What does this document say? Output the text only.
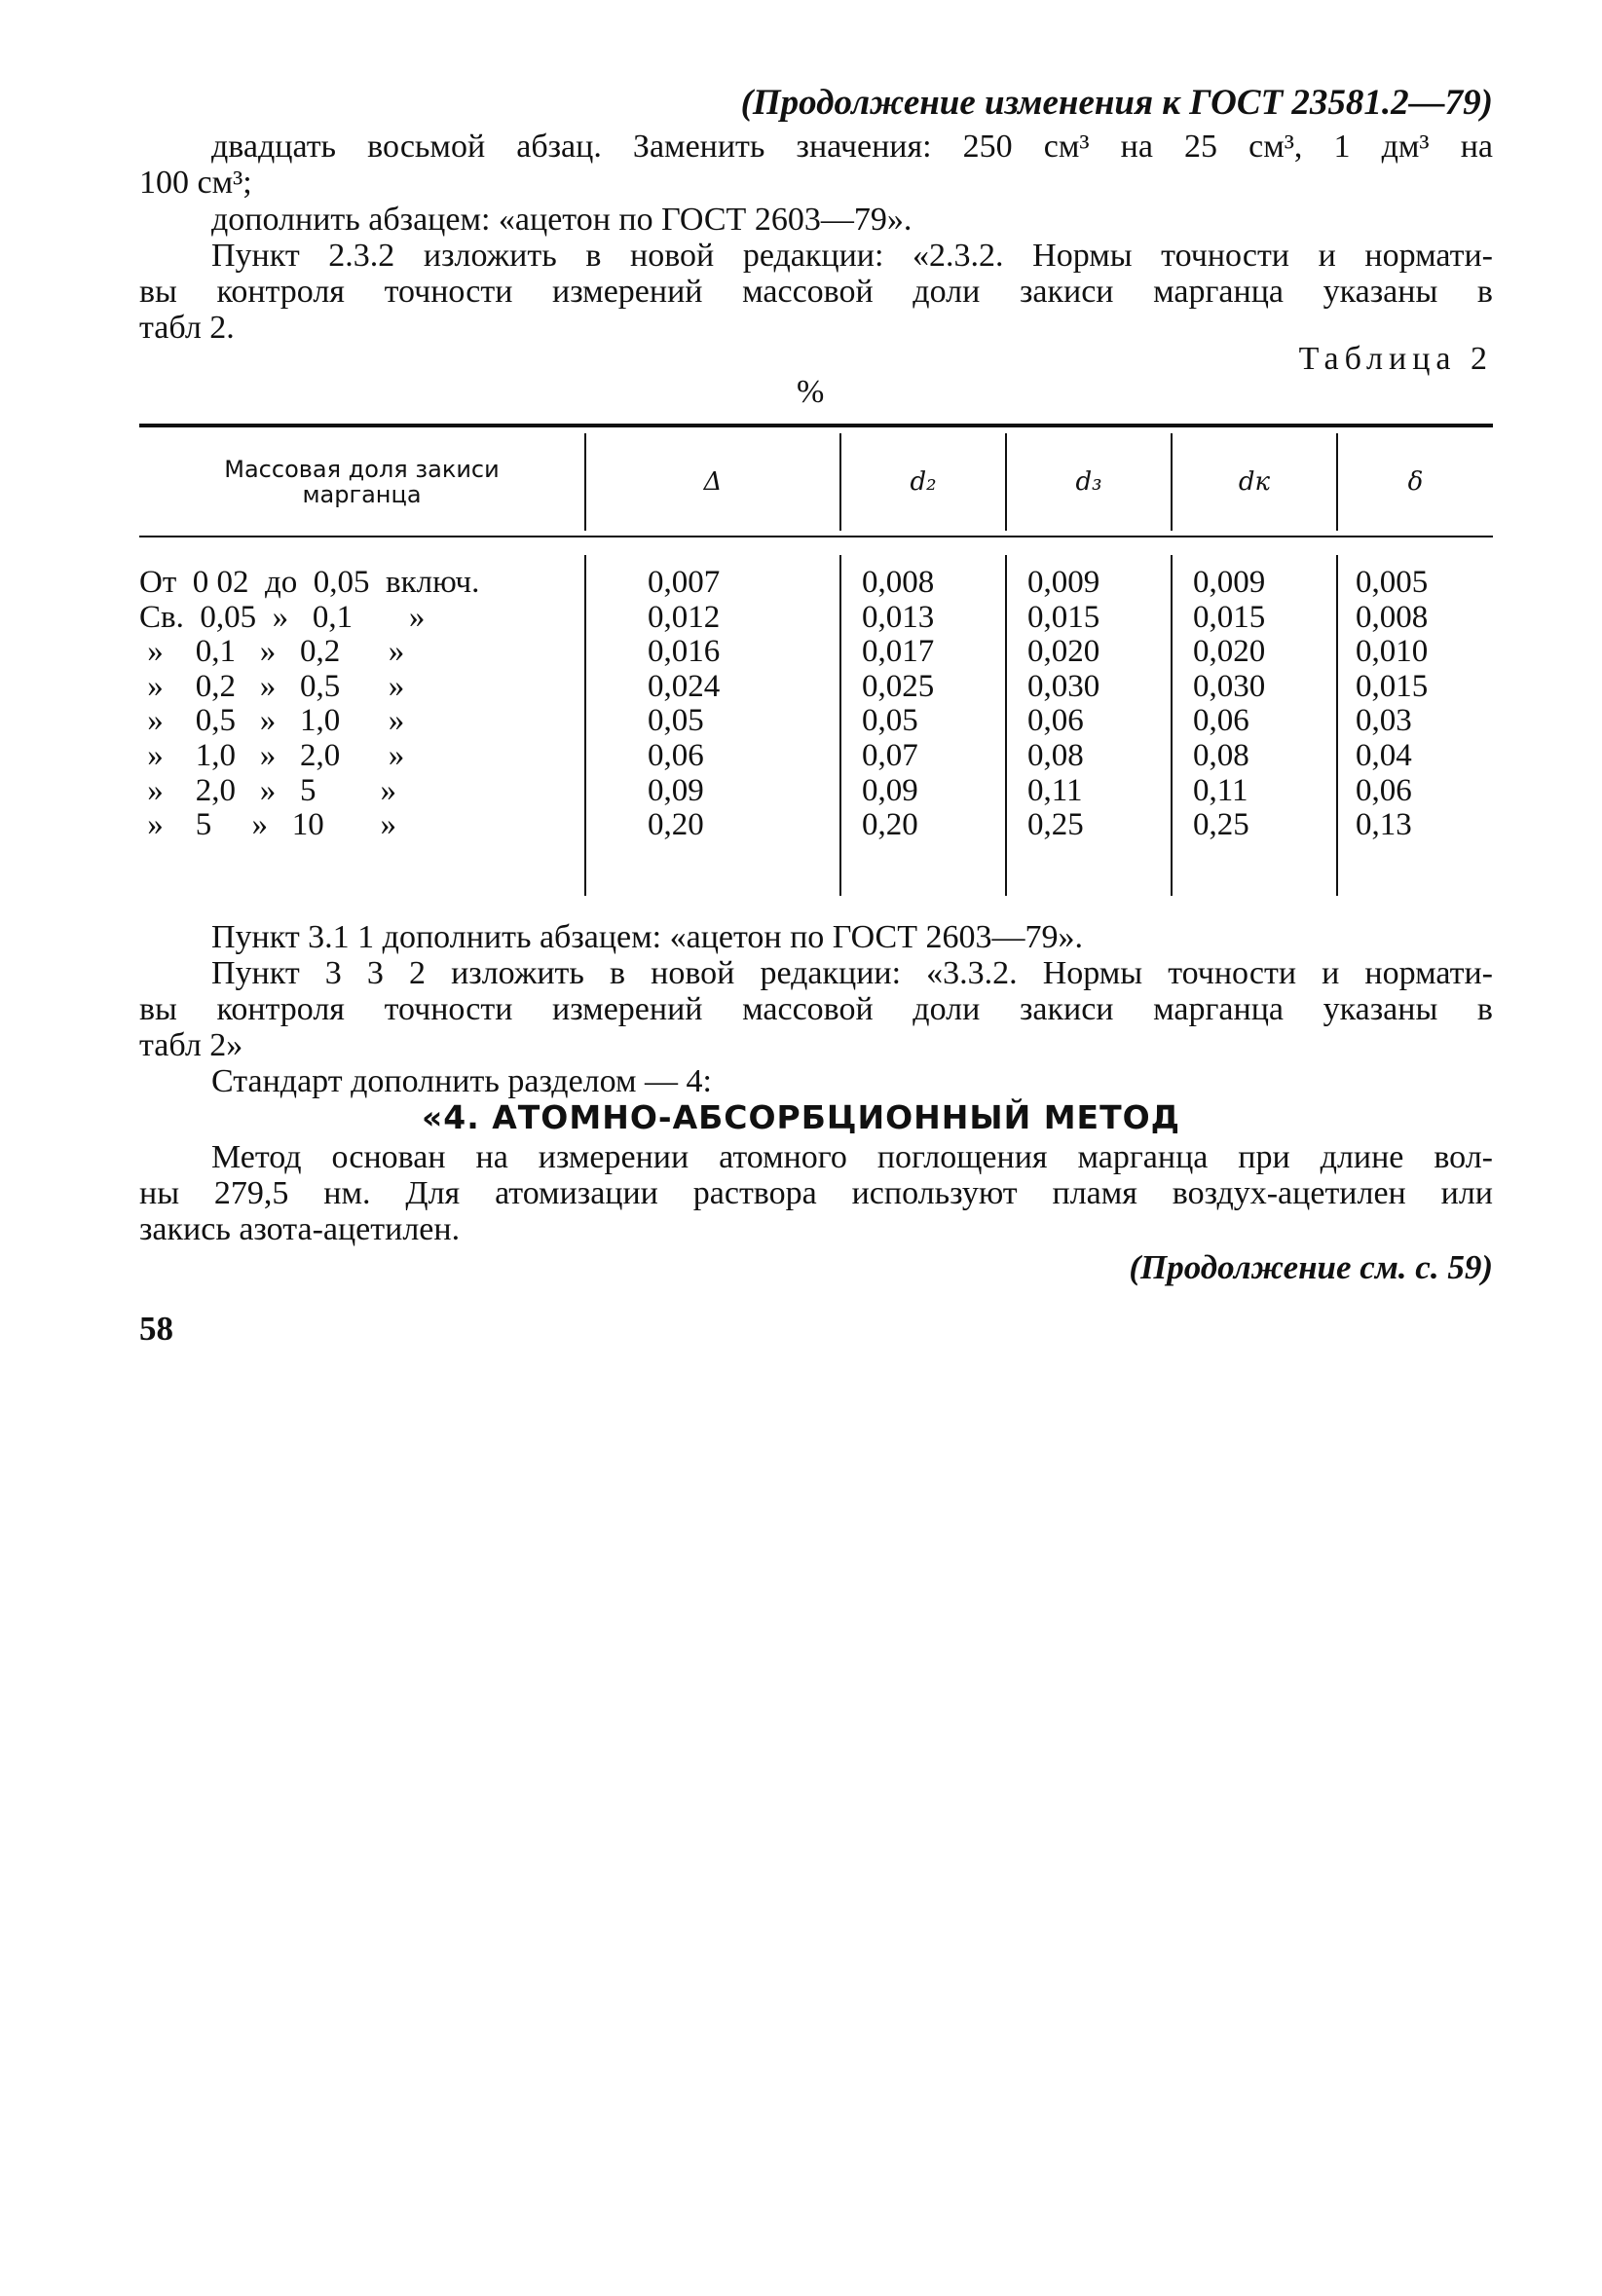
(Продолжение изменения к ГОСТ 23581.2—79)
двадцать восьмой абзац. Заменить значения: 250 см³ на 25 см³, 1 дм³ на
100 см³;
дополнить абзацем: «ацетон по ГОСТ 2603—79».
Пункт 2.3.2 изложить в новой редакции: «2.3.2. Нормы точности и нормати-
вы контроля точности измерений массовой доли закиси марганца указаны в
табл 2.
Таблица 2
%
Массовая доля закиси марганца	Δ	d₂	d₃	dк	δ
От  0 02  до  0,05  включ.	0,007	0,008	0,009	0,009	0,005
Св.  0,05  »   0,1       »	0,012	0,013	0,015	0,015	0,008
»    0,1   »   0,2      »	0,016	0,017	0,020	0,020	0,010
»    0,2   »   0,5      »	0,024	0,025	0,030	0,030	0,015
»    0,5   »   1,0      »	0,05	0,05	0,06	0,06	0,03
»    1,0   »   2,0      »	0,06	0,07	0,08	0,08	0,04
»    2,0   »   5        »	0,09	0,09	0,11	0,11	0,06
»    5     »   10       »	0,20	0,20	0,25	0,25	0,13
Пункт 3.1 1 дополнить абзацем: «ацетон по ГОСТ 2603—79».
Пункт 3 3 2 изложить в новой редакции: «3.3.2. Нормы точности и нормати-
вы контроля точности измерений массовой доли закиси марганца указаны в
табл 2»
Стандарт дополнить разделом — 4:
«4. АТОМНО-АБСОРБЦИОННЫЙ МЕТОД
Метод основан на измерении атомного поглощения марганца при длине вол-
ны 279,5 нм. Для атомизации раствора используют пламя воздух-ацетилен или
закись азота-ацетилен.
(Продолжение см. с. 59)
58
